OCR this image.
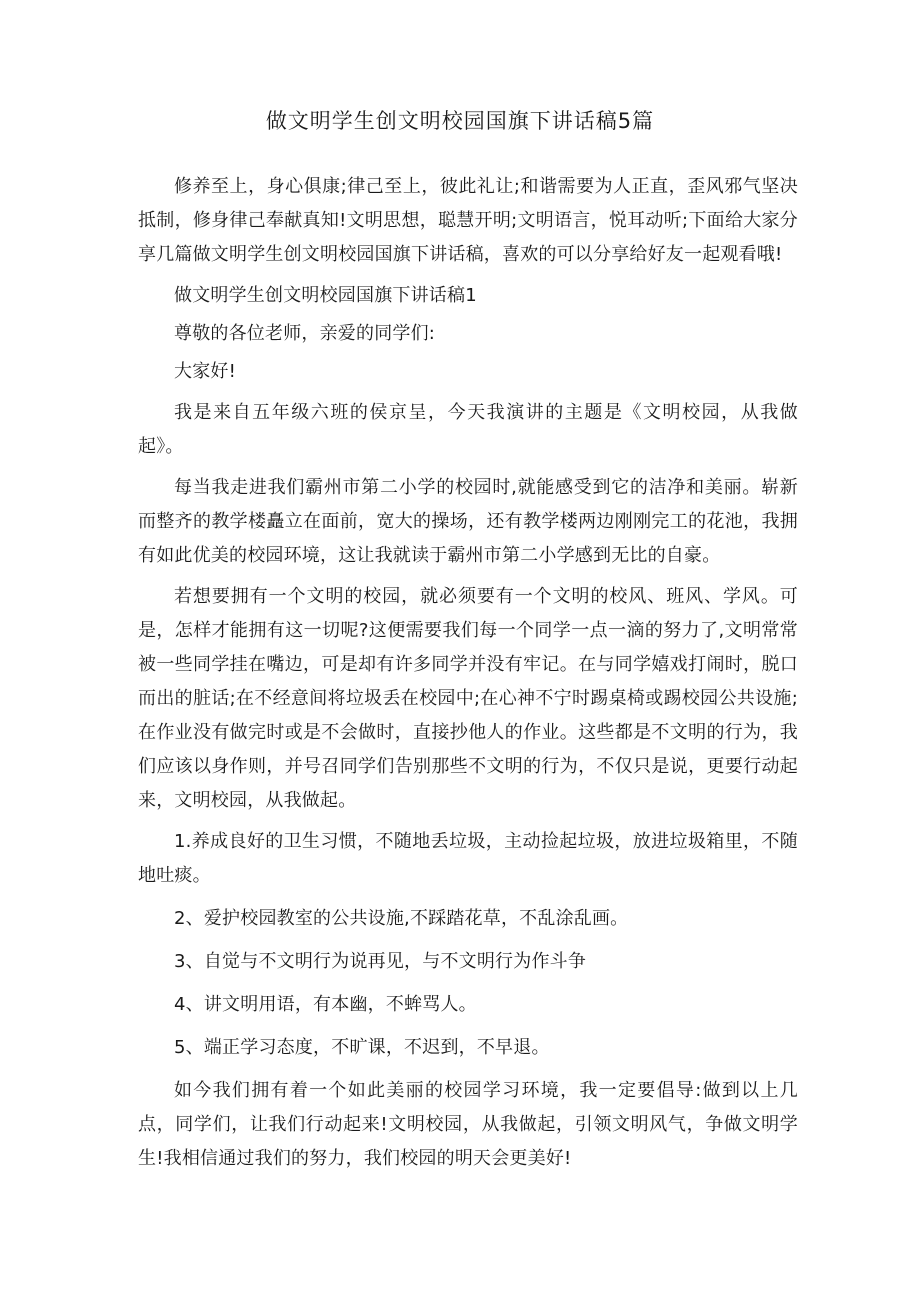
做文明学生创文明校园国旗下讲话稿5篇

修养至上，身心俱康;律己至上，彼此礼让;和谐需要为人正直，歪风邪气坚决抵制，修身律己奉献真知!文明思想，聪慧开明;文明语言，悦耳动听;下面给大家分享几篇做文明学生创文明校园国旗下讲话稿，喜欢的可以分享给好友一起观看哦!

做文明学生创文明校园国旗下讲话稿1

尊敬的各位老师，亲爱的同学们:

大家好!

我是来自五年级六班的侯京呈，今天我演讲的主题是《文明校园，从我做起》。

每当我走进我们霸州市第二小学的校园时,就能感受到它的洁净和美丽。崭新而整齐的教学楼矗立在面前，宽大的操场，还有教学楼两边刚刚完工的花池，我拥有如此优美的校园环境，这让我就读于霸州市第二小学感到无比的自豪。

若想要拥有一个文明的校园，就必须要有一个文明的校风、班风、学风。可是，怎样才能拥有这一切呢?这便需要我们每一个同学一点一滴的努力了,文明常常被一些同学挂在嘴边，可是却有许多同学并没有牢记。在与同学嬉戏打闹时，脱口而出的脏话;在不经意间将垃圾丢在校园中;在心神不宁时踢桌椅或踢校园公共设施;在作业没有做完时或是不会做时，直接抄他人的作业。这些都是不文明的行为，我们应该以身作则，并号召同学们告别那些不文明的行为，不仅只是说，更要行动起来，文明校园，从我做起。

1.养成良好的卫生习惯，不随地丢垃圾，主动捡起垃圾，放进垃圾箱里，不随地吐痰。

2、爱护校园教室的公共设施,不踩踏花草，不乱涂乱画。

3、自觉与不文明行为说再见，与不文明行为作斗争

4、讲文明用语，有本幽，不蛑骂人。

5、端正学习态度，不旷课，不迟到，不早退。

如今我们拥有着一个如此美丽的校园学习环境，我一定要倡导:做到以上几点，同学们，让我们行动起来!文明校园，从我做起，引领文明风气，争做文明学生!我相信通过我们的努力，我们校园的明天会更美好!
